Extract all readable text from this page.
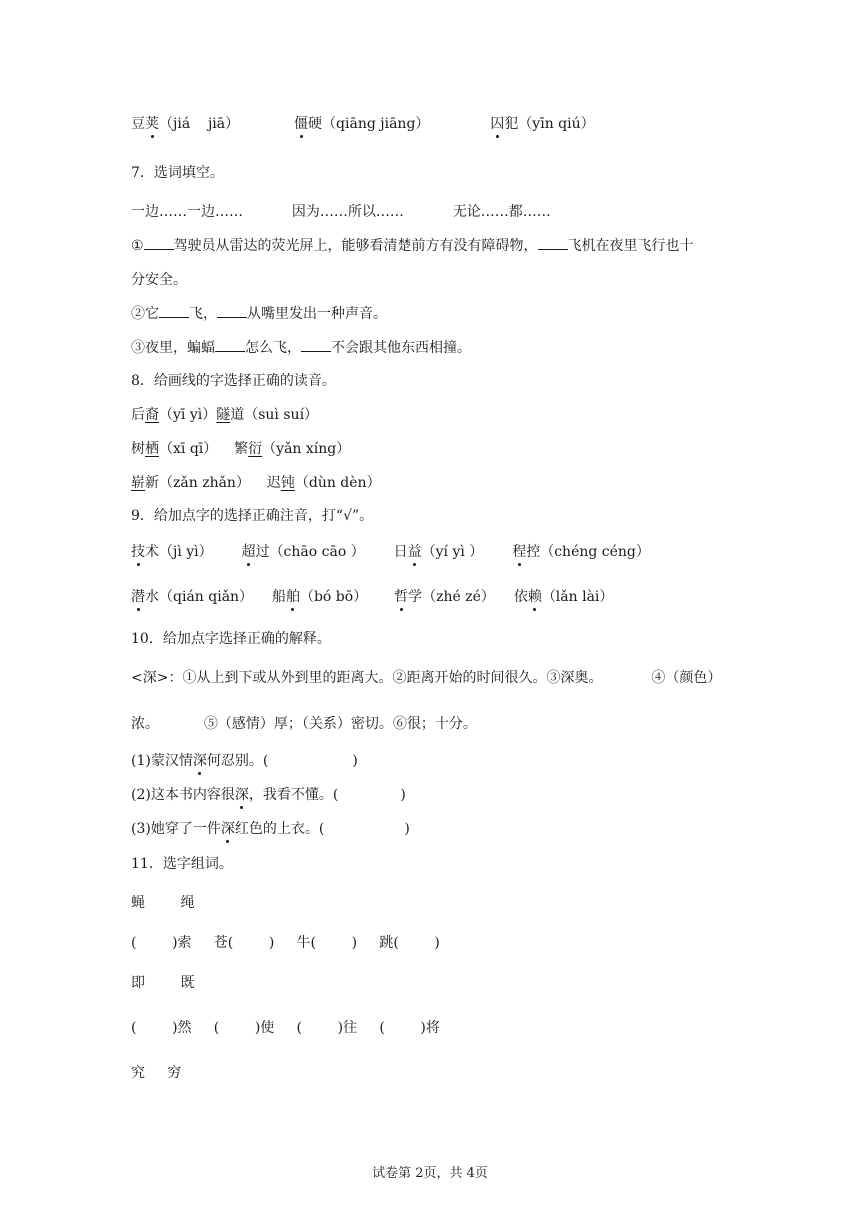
豆荚（jiá    jiā）	僵硬（qiāng jiāng）	囚犯（yīn qiú）
7．选词填空。
一边……一边……	因为……所以……	无论……都……
① 驾驶员从雷达的荧光屏上，能够看清楚前方有没有障碍物， 飞机在夜里飞行也十
分安全。
②它 飞， 从嘴里发出一种声音。
③夜里，蝙蝠 怎么飞， 不会跟其他东西相撞。
8．给画线的字选择正确的读音。
后裔（yī yì）隧道（suì suí）
树栖（xī qī） 繁衍（yǎn xíng）
崭新（zǎn zhǎn） 迟钝（dùn dèn）
9．给加点字的选择正确注音，打“√”。
技术（jì yì） 超过（chāo cāo ） 日益（yí yì ） 程控（chéng céng）
潜水（qián qiǎn） 船舶（bó bō） 哲学（zhé zé） 依赖（lǎn lài）
10．给加点字选择正确的解释。
<深>：①从上到下或从外到里的距离大。②距离开始的时间很久。③深奥。	④（颜色）
浓。	⑤（感情）厚；（关系）密切。⑥很；十分。
(1)蒙汉情深何忍别。(	)
(2)这本书内容很深，我看不懂。(	)
(3)她穿了一件深红色的上衣。(	)
11．选字组词。
蝇        绳
(        )索     苍(        )     牛(        )     跳(        )
即        既
(        )然     (        )使     (        )往     (        )将
究     穷
试卷第 2页，共 4页
